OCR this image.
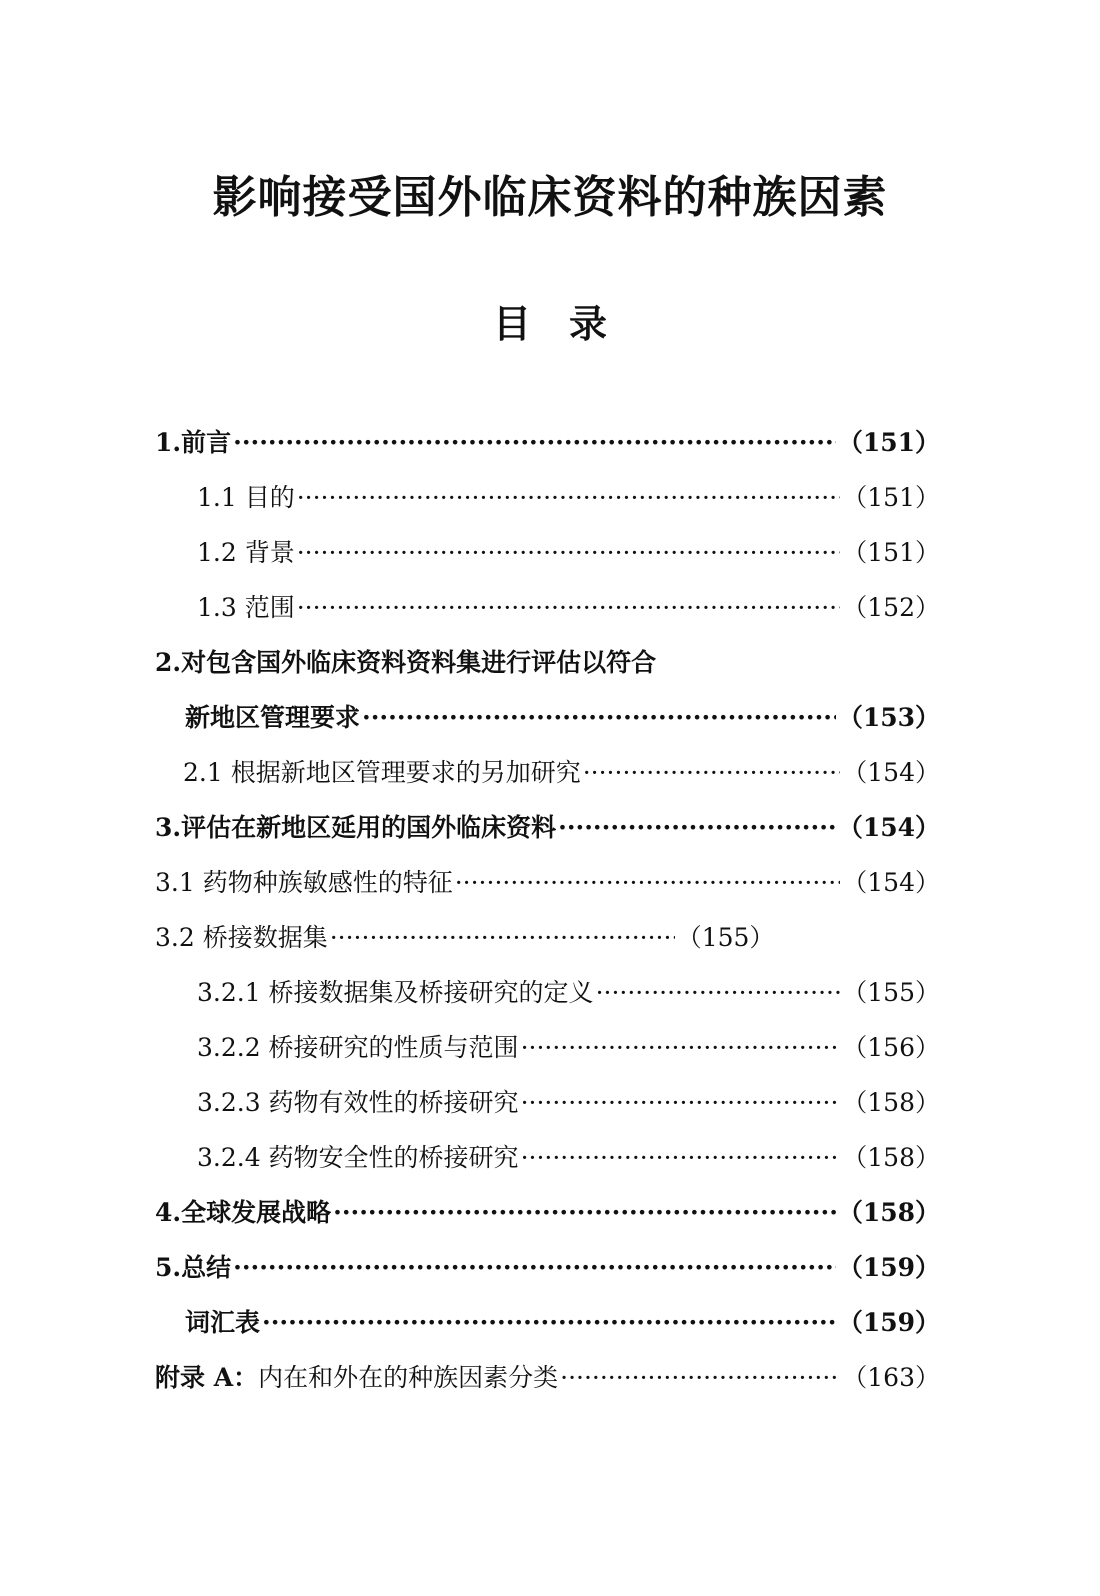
影响接受国外临床资料的种族因素
目　录
1.前言 ·····	（151）
1.1 目的 ·····	（151）
1.2 背景 ·····	（151）
1.3 范围 ·····	（152）
2.对包含国外临床资料资料集进行评估以符合
新地区管理要求 ·····	（153）
2.1 根据新地区管理要求的另加研究 ·····	（154）
3.评估在新地区延用的国外临床资料 ·····	（154）
3.1 药物种族敏感性的特征 ·····	（154）
3.2 桥接数据集 ·····	（155）
3.2.1 桥接数据集及桥接研究的定义 ·····	（155）
3.2.2 桥接研究的性质与范围 ·····	（156）
3.2.3 药物有效性的桥接研究 ·····	（158）
3.2.4 药物安全性的桥接研究 ·····	（158）
4.全球发展战略 ·····	（158）
5.总结 ·····	（159）
词汇表 ·····	（159）
附录 A： 内在和外在的种族因素分类 ·····	（163）
